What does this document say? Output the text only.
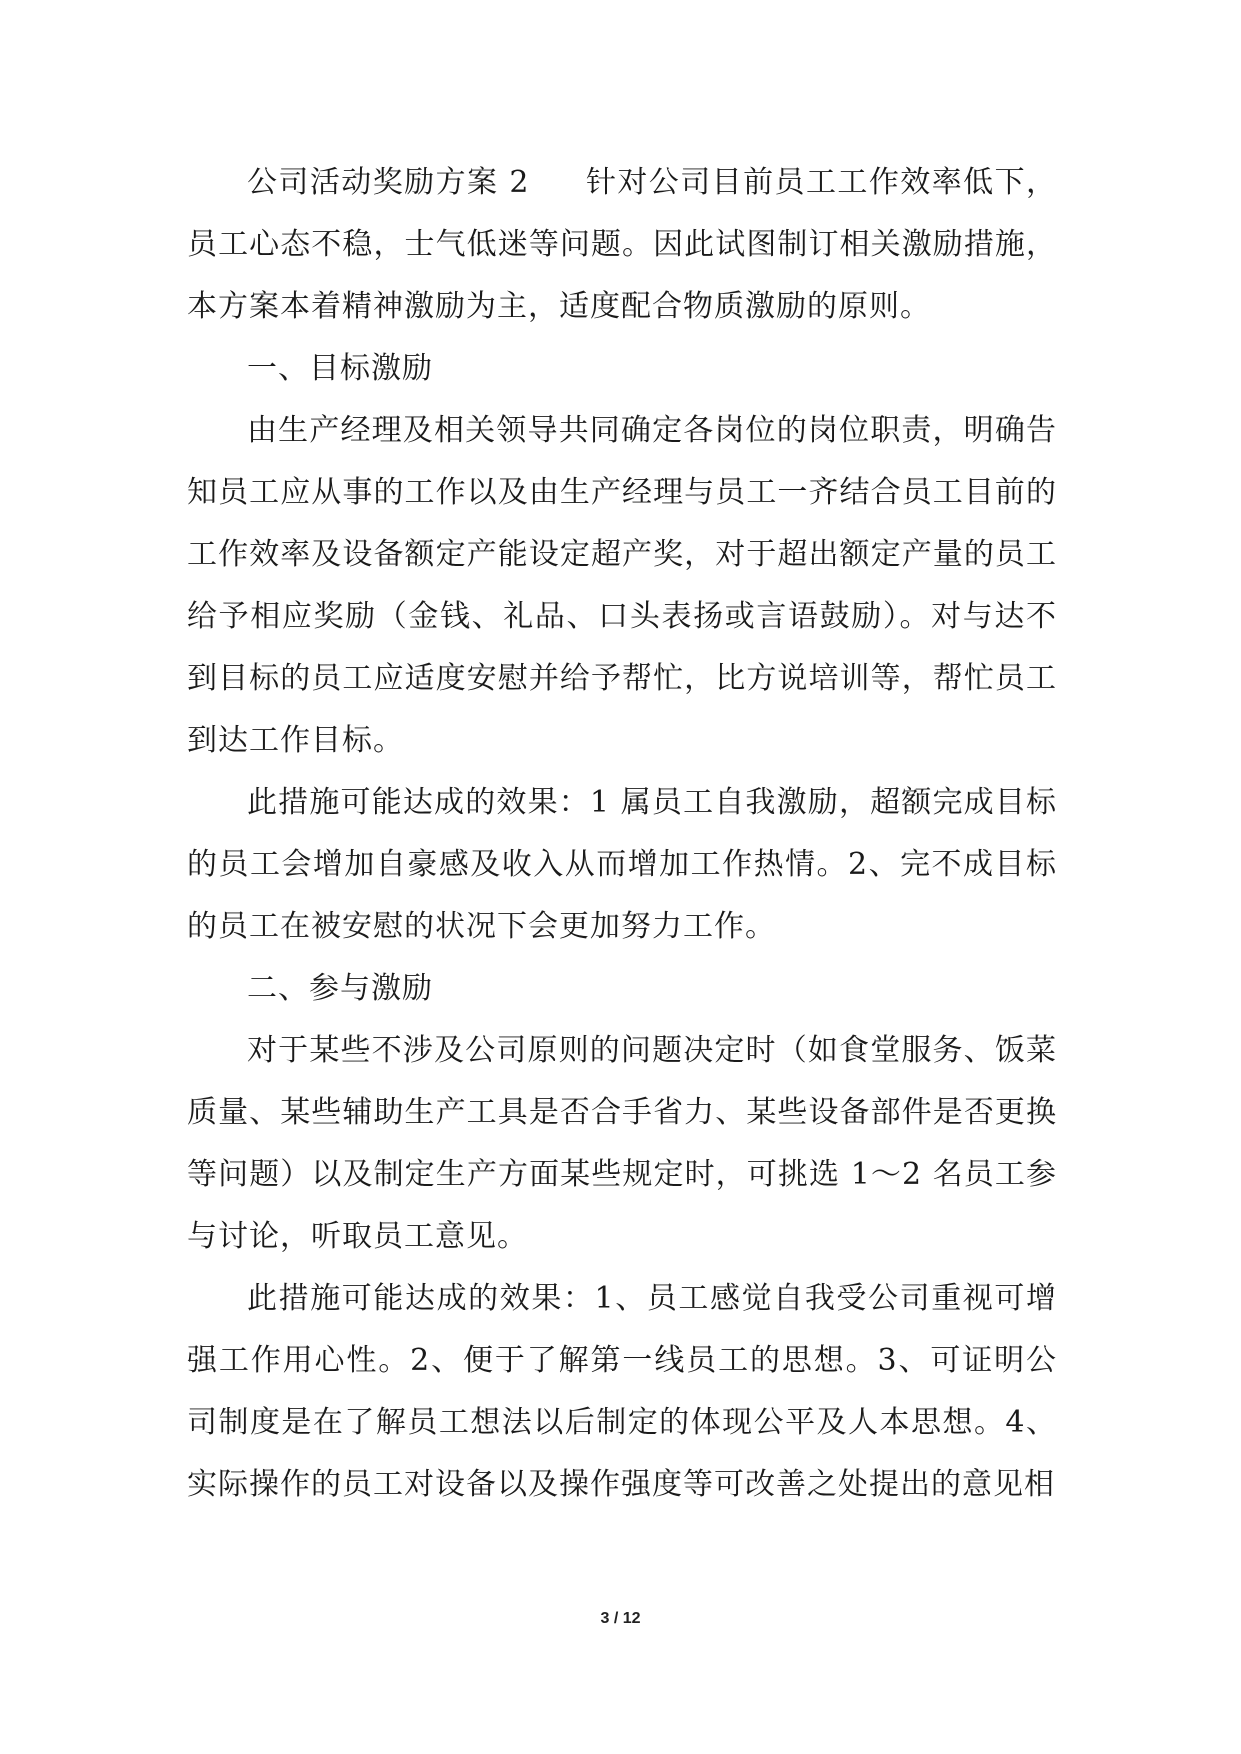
公司活动奖励方案 2 针对公司目前员工工作效率低下，员工心态不稳，士气低迷等问题。因此试图制订相关激励措施，本方案本着精神激励为主，适度配合物质激励的原则。

一、目标激励

由生产经理及相关领导共同确定各岗位的岗位职责，明确告知员工应从事的工作以及由生产经理与员工一齐结合员工目前的工作效率及设备额定产能设定超产奖，对于超出额定产量的员工给予相应奖励（金钱、礼品、口头表扬或言语鼓励）。对与达不到目标的员工应适度安慰并给予帮忙，比方说培训等，帮忙员工到达工作目标。

此措施可能达成的效果：1 属员工自我激励，超额完成目标的员工会增加自豪感及收入从而增加工作热情。2、完不成目标的员工在被安慰的状况下会更加努力工作。

二、参与激励

对于某些不涉及公司原则的问题决定时（如食堂服务、饭菜质量、某些辅助生产工具是否合手省力、某些设备部件是否更换等问题）以及制定生产方面某些规定时，可挑选 1～2 名员工参与讨论，听取员工意见。

此措施可能达成的效果：1、员工感觉自我受公司重视可增强工作用心性。2、便于了解第一线员工的思想。3、可证明公司制度是在了解员工想法以后制定的体现公平及人本思想。4、实际操作的员工对设备以及操作强度等可改善之处提出的意见相

3 / 12
